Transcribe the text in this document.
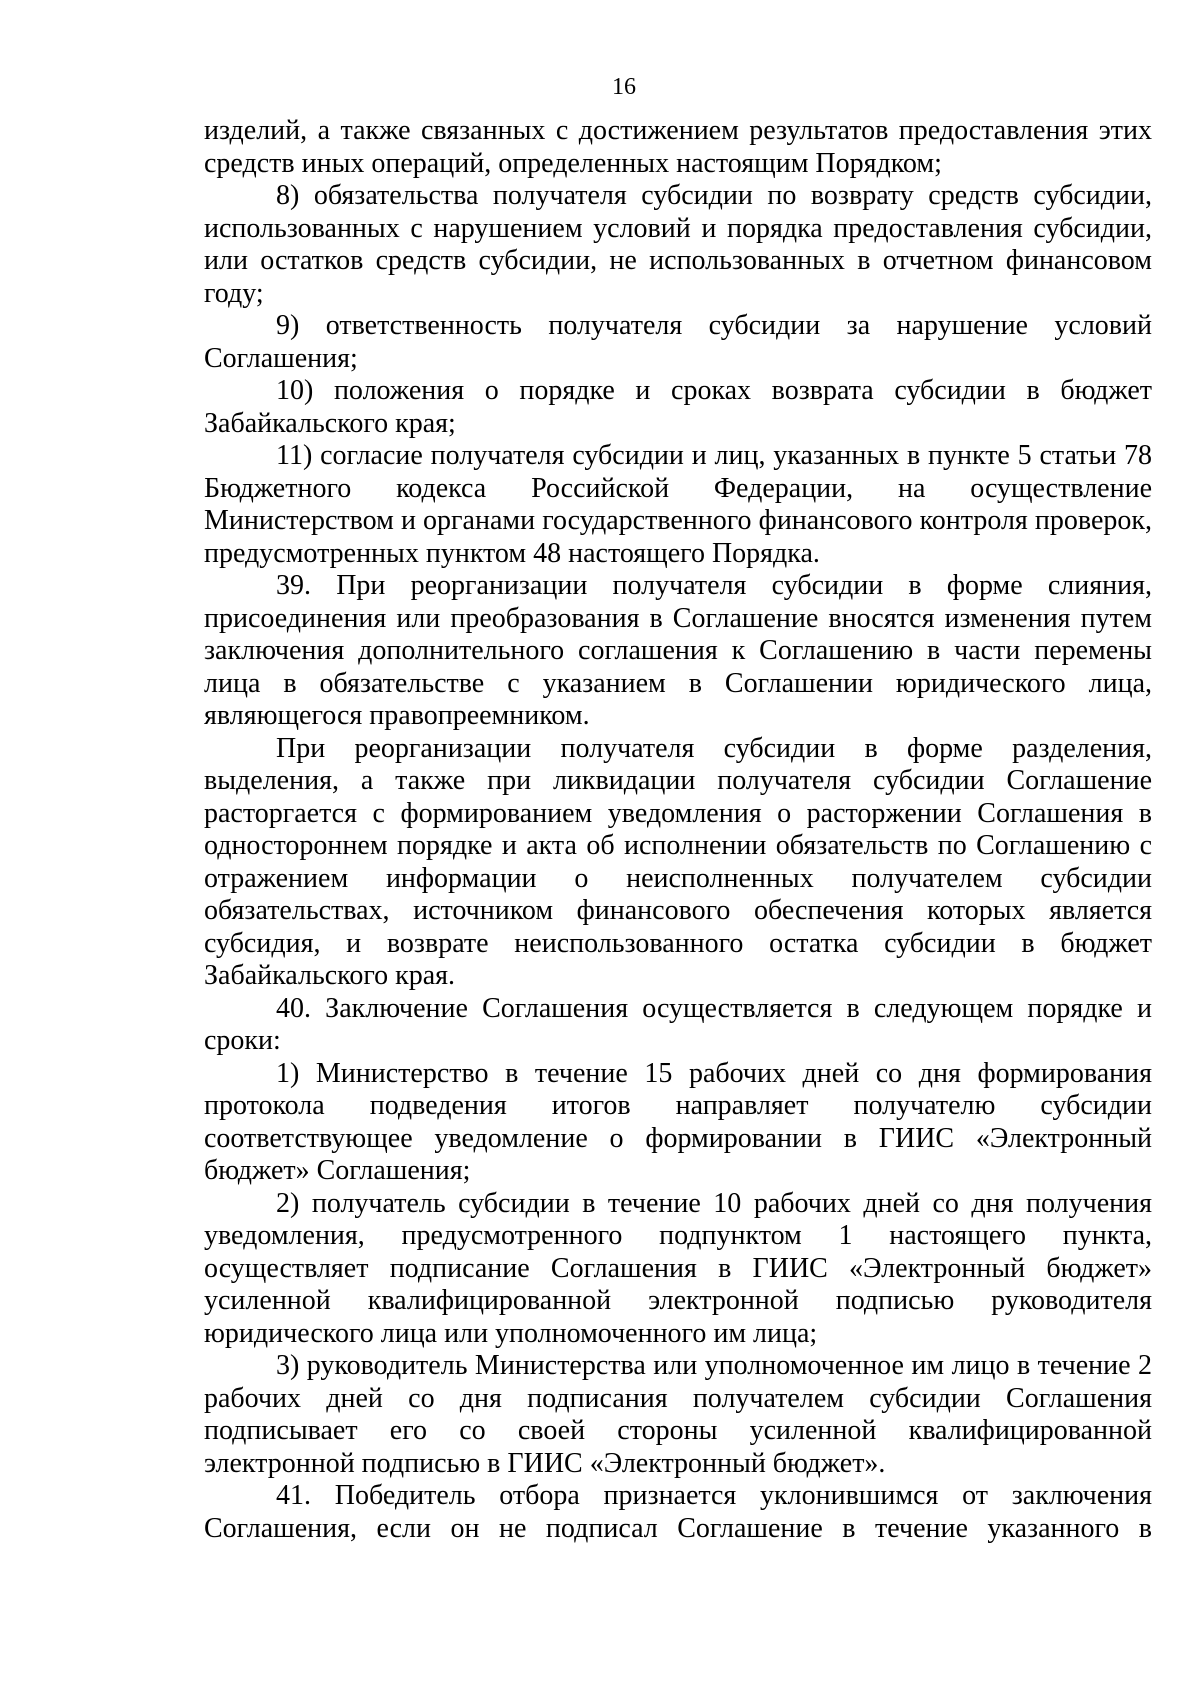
16

изделий, а также связанных с достижением результатов предоставления этих средств иных операций, определенных настоящим Порядком;

8) обязательства получателя субсидии по возврату средств субсидии, использованных с нарушением условий и порядка предоставления субсидии, или остатков средств субсидии, не использованных в отчетном финансовом году;

9) ответственность получателя субсидии за нарушение условий Соглашения;

10) положения о порядке и сроках возврата субсидии в бюджет Забайкальского края;

11) согласие получателя субсидии и лиц, указанных в пункте 5 статьи 78 Бюджетного кодекса Российской Федерации, на осуществление Министерством и органами государственного финансового контроля проверок, предусмотренных пунктом 48 настоящего Порядка.

39. При реорганизации получателя субсидии в форме слияния, присоединения или преобразования в Соглашение вносятся изменения путем заключения дополнительного соглашения к Соглашению в части перемены лица в обязательстве с указанием в Соглашении юридического лица, являющегося правопреемником.

При реорганизации получателя субсидии в форме разделения, выделения, а также при ликвидации получателя субсидии Соглашение расторгается с формированием уведомления о расторжении Соглашения в одностороннем порядке и акта об исполнении обязательств по Соглашению с отражением информации о неисполненных получателем субсидии обязательствах, источником финансового обеспечения которых является субсидия, и возврате неиспользованного остатка субсидии в бюджет Забайкальского края.

40. Заключение Соглашения осуществляется в следующем порядке и сроки:

1) Министерство в течение 15 рабочих дней со дня формирования протокола подведения итогов направляет получателю субсидии соответствующее уведомление о формировании в ГИИС «Электронный бюджет» Соглашения;

2) получатель субсидии в течение 10 рабочих дней со дня получения уведомления, предусмотренного подпунктом 1 настоящего пункта, осуществляет подписание Соглашения в ГИИС «Электронный бюджет» усиленной квалифицированной электронной подписью руководителя юридического лица или уполномоченного им лица;

3) руководитель Министерства или уполномоченное им лицо в течение 2 рабочих дней со дня подписания получателем субсидии Соглашения подписывает его со своей стороны усиленной квалифицированной электронной подписью в ГИИС «Электронный бюджет».

41. Победитель отбора признается уклонившимся от заключения Соглашения, если он не подписал Соглашение в течение указанного в
